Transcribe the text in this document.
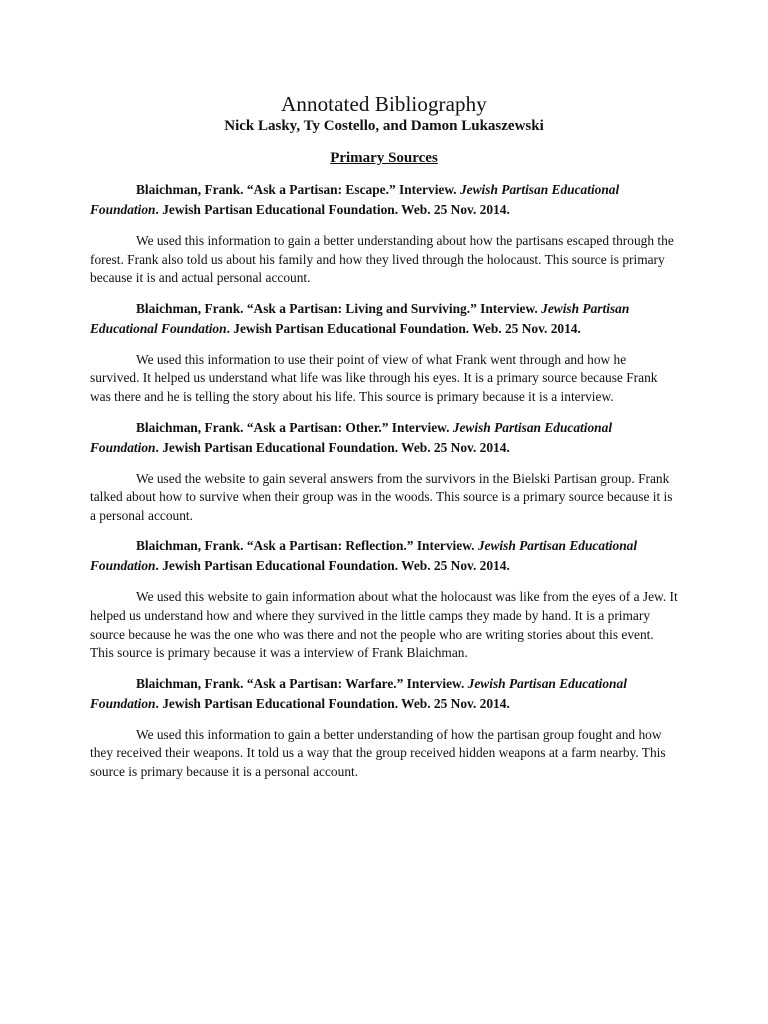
Annotated Bibliography
Nick Lasky, Ty Costello, and Damon Lukaszewski
Primary Sources

Blaichman, Frank. “Ask a Partisan: Escape.” Interview. Jewish Partisan Educational Foundation. Jewish Partisan Educational Foundation. Web. 25 Nov. 2014.

We used this information to gain a better understanding about how the partisans escaped through the forest. Frank also told us about his family and how they lived through the holocaust. This source is primary because it is and actual personal account.

Blaichman, Frank. “Ask a Partisan: Living and Surviving.” Interview. Jewish Partisan Educational Foundation. Jewish Partisan Educational Foundation. Web. 25 Nov. 2014.

We used this information to use their point of view of what Frank went through and how he survived. It helped us understand what life was like through his eyes. It is a primary source because Frank was there and he is telling the story about his life. This source is primary because it is a interview.

Blaichman, Frank. “Ask a Partisan: Other.” Interview. Jewish Partisan Educational Foundation. Jewish Partisan Educational Foundation. Web. 25 Nov. 2014.

We used the website to gain several answers from the survivors in the Bielski Partisan group. Frank talked about how to survive when their group was in the woods. This source is a primary source because it is a personal account.

Blaichman, Frank. “Ask a Partisan: Reflection.” Interview. Jewish Partisan Educational Foundation. Jewish Partisan Educational Foundation. Web. 25 Nov. 2014.

We used this website to gain information about what the holocaust was like from the eyes of a Jew. It helped us understand how and where they survived in the little camps they made by hand. It is a primary source because he was the one who was there and not the people who are writing stories about this event. This source is primary because it was a interview of Frank Blaichman.

Blaichman, Frank. “Ask a Partisan: Warfare.” Interview. Jewish Partisan Educational Foundation. Jewish Partisan Educational Foundation. Web. 25 Nov. 2014.

We used this information to gain a better understanding of how the partisan group fought and how they received their weapons. It told us a way that the group received hidden weapons at a farm nearby. This source is primary because it is a personal account.
